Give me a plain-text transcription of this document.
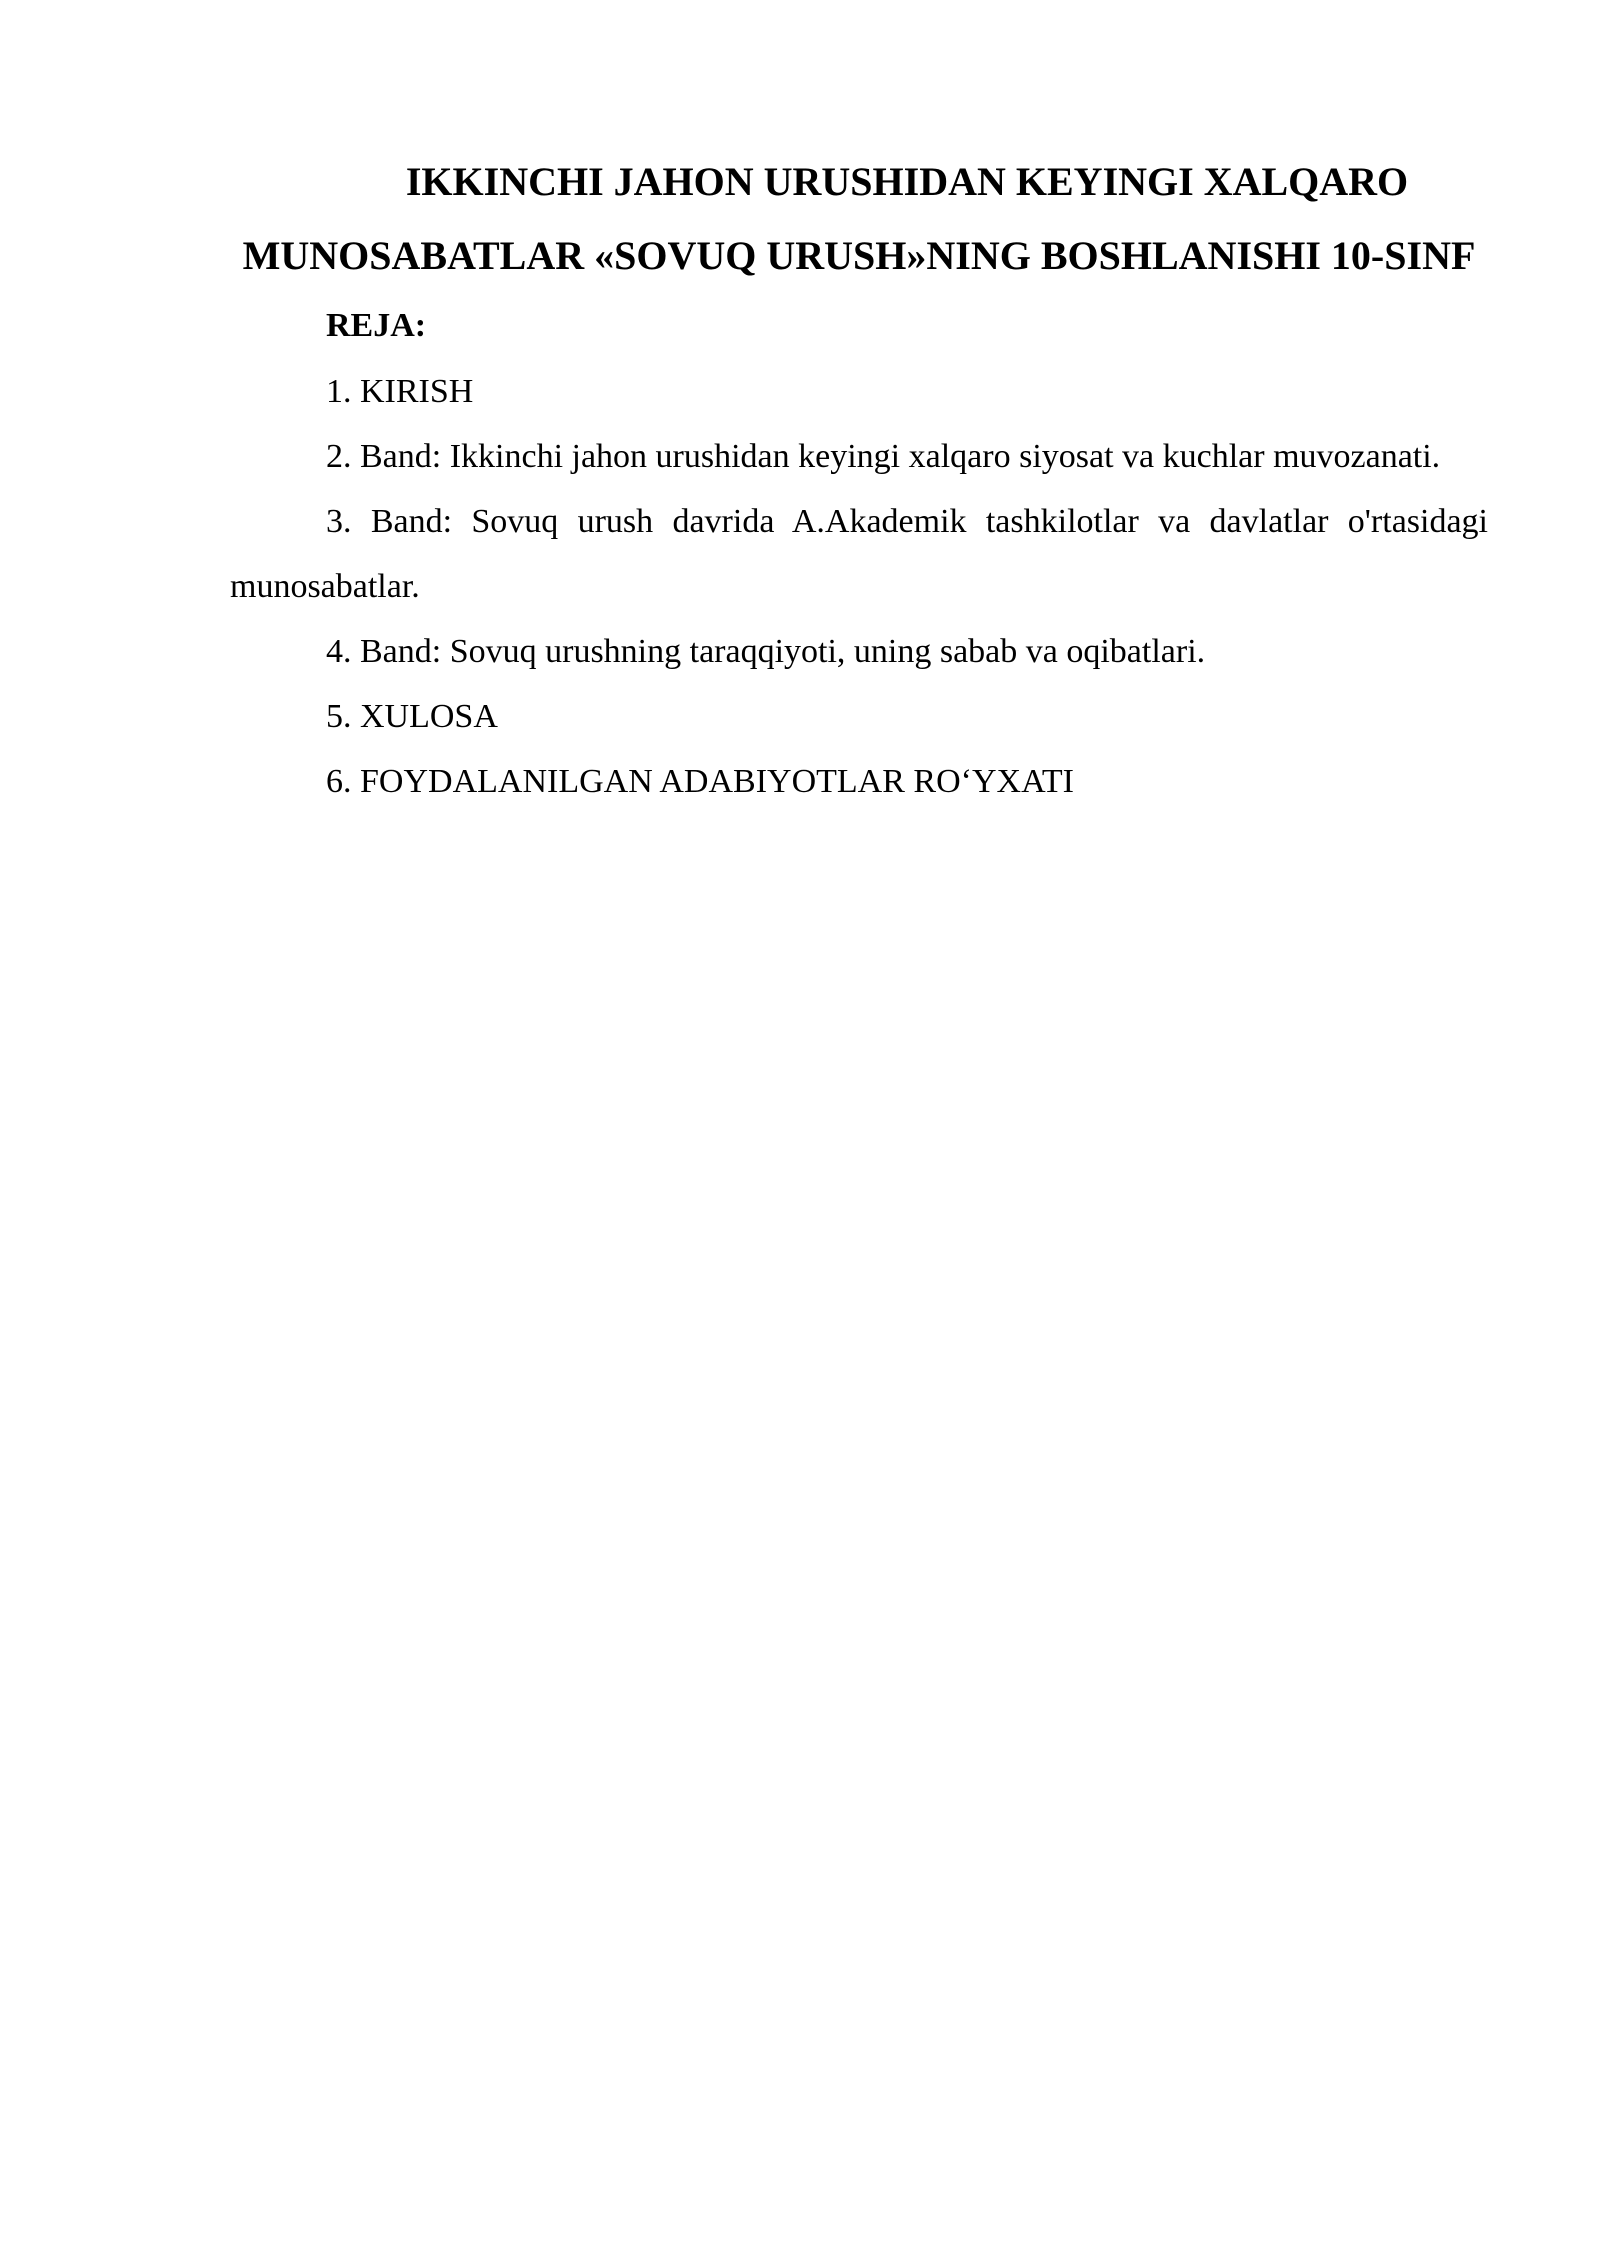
IKKINCHI JAHON URUSHIDAN KEYINGI XALQARO MUNOSABATLAR «SOVUQ URUSH»NING BOSHLANISHI 10-SINF

REJA:

1. KIRISH

2. Band: Ikkinchi jahon urushidan keyingi xalqaro siyosat va kuchlar muvozanati.

3. Band: Sovuq urush davrida A.Akademik tashkilotlar va davlatlar o'rtasidagi munosabatlar.

4. Band: Sovuq urushning taraqqiyoti, uning sabab va oqibatlari.

5. XULOSA

6. FOYDALANILGAN ADABIYOTLAR RO‘YXATI
